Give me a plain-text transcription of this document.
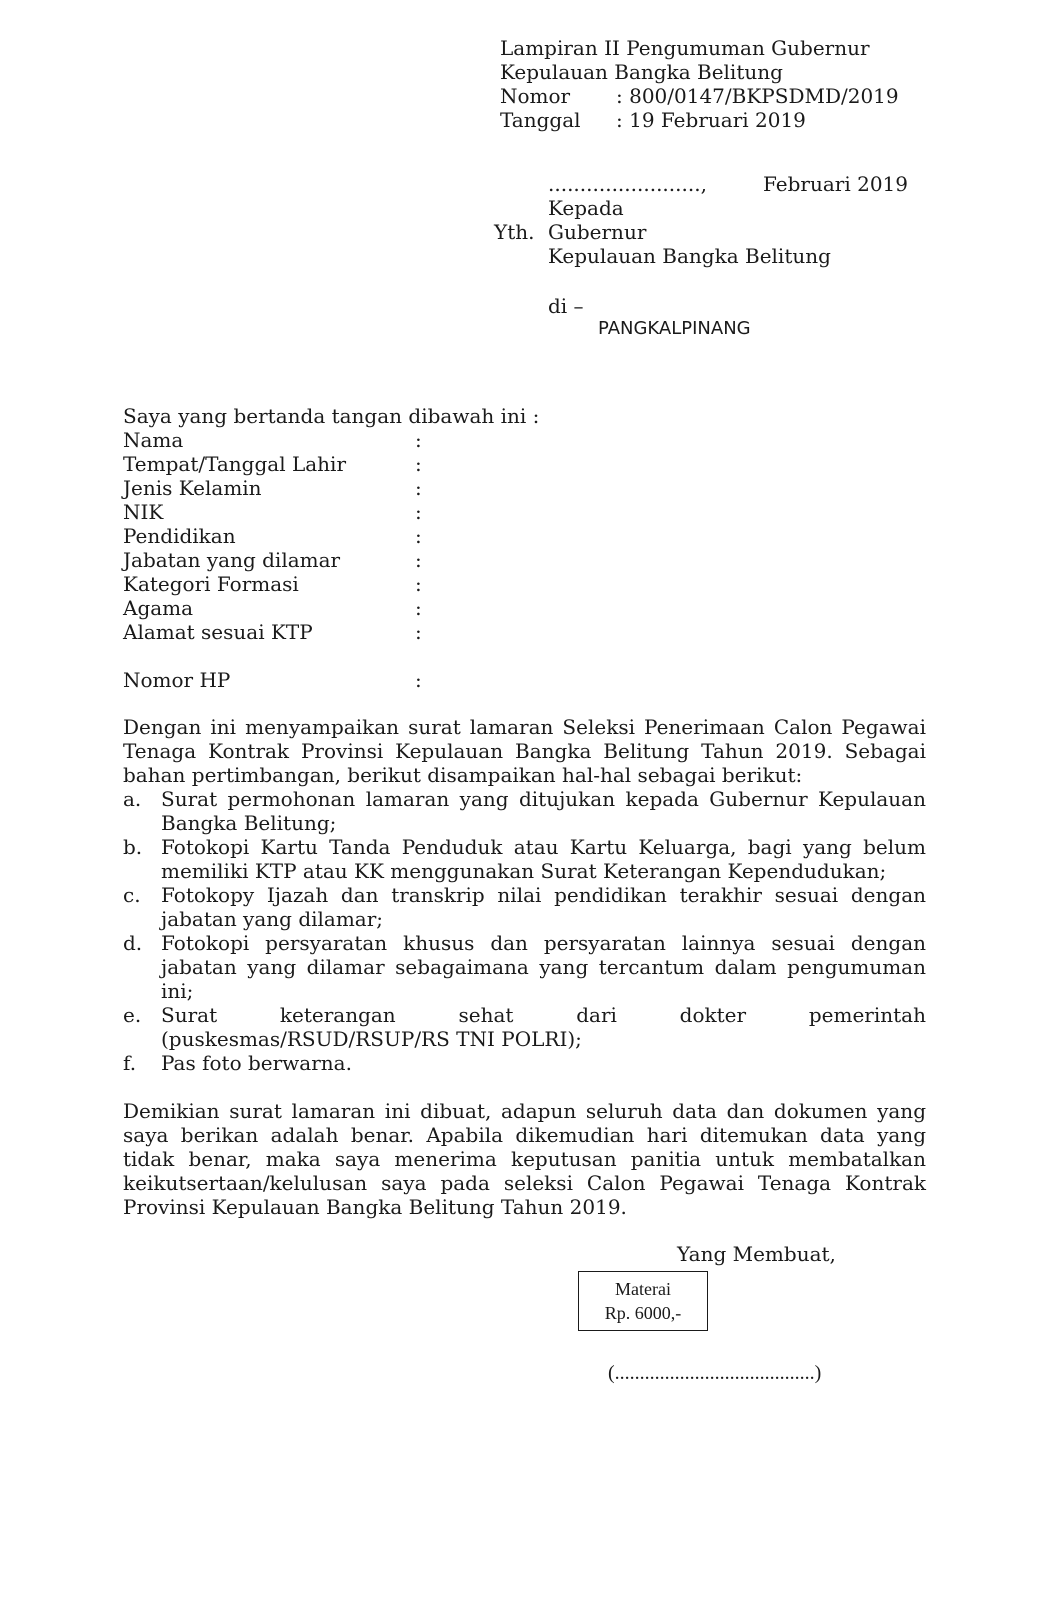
Lampiran II Pengumuman Gubernur
Kepulauan Bangka Belitung
Nomor : 800/0147/BKPSDMD/2019
Tanggal : 19 Februari 2019
........................,	Februari 2019
Kepada
Yth. Gubernur
Kepulauan Bangka Belitung
di –
PANGKALPINANG
Saya yang bertanda tangan dibawah ini :
Nama	:
Tempat/Tanggal Lahir	:
Jenis Kelamin	:
NIK	:
Pendidikan	:
Jabatan yang dilamar	:
Kategori Formasi	:
Agama	:
Alamat sesuai KTP	:
Nomor HP	:
Dengan ini menyampaikan surat lamaran Seleksi Penerimaan Calon Pegawai Tenaga Kontrak Provinsi Kepulauan Bangka Belitung Tahun 2019. Sebagai bahan pertimbangan, berikut disampaikan hal-hal sebagai berikut:
a. Surat permohonan lamaran yang ditujukan kepada Gubernur Kepulauan Bangka Belitung;
b. Fotokopi Kartu Tanda Penduduk atau Kartu Keluarga, bagi yang belum memiliki KTP atau KK menggunakan Surat Keterangan Kependudukan;
c. Fotokopy Ijazah dan transkrip nilai pendidikan terakhir sesuai dengan jabatan yang dilamar;
d. Fotokopi persyaratan khusus dan persyaratan lainnya sesuai dengan jabatan yang dilamar sebagaimana yang tercantum dalam pengumuman ini;
e. Surat keterangan sehat dari dokter pemerintah (puskesmas/RSUD/RSUP/RS TNI POLRI);
f. Pas foto berwarna.
Demikian surat lamaran ini dibuat, adapun seluruh data dan dokumen yang saya berikan adalah benar. Apabila dikemudian hari ditemukan data yang tidak benar, maka saya menerima keputusan panitia untuk membatalkan keikutsertaan/kelulusan saya pada seleksi Calon Pegawai Tenaga Kontrak Provinsi Kepulauan Bangka Belitung Tahun 2019.
Yang Membuat,
Materai
Rp. 6000,-
(........................................)
